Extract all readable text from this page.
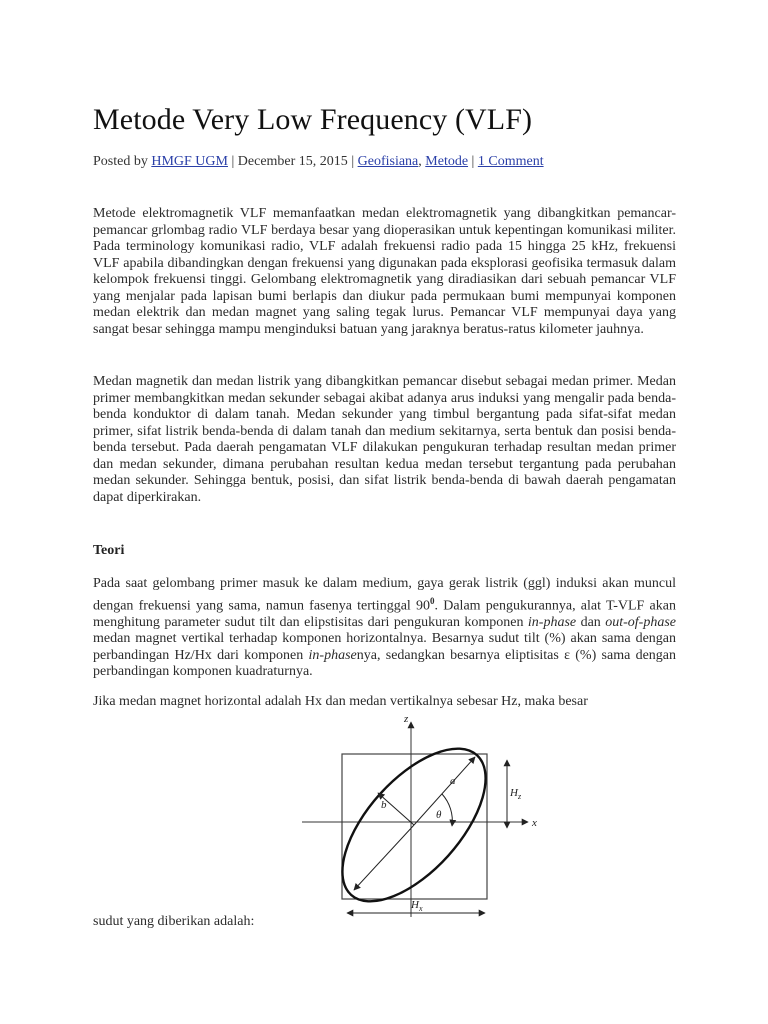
Metode Very Low Frequency (VLF)

Posted by HMGF UGM | December 15, 2015 | Geofisiana, Metode | 1 Comment

Metode elektromagnetik VLF memanfaatkan medan elektromagnetik yang dibangkitkan pemancar-pemancar grlombag radio VLF berdaya besar yang dioperasikan untuk kepentingan komunikasi militer. Pada terminology komunikasi radio, VLF adalah frekuensi radio pada 15 hingga 25 kHz, frekuensi VLF apabila dibandingkan dengan frekuensi yang digunakan pada eksplorasi geofisika termasuk dalam kelompok frekuensi tinggi. Gelombang elektromagnetik yang diradiasikan dari sebuah pemancar VLF yang menjalar pada lapisan bumi berlapis dan diukur pada permukaan bumi mempunyai komponen medan elektrik dan medan magnet yang saling tegak lurus. Pemancar VLF mempunyai daya yang sangat besar sehingga mampu menginduksi batuan yang jaraknya beratus-ratus kilometer jauhnya.

Medan magnetik dan medan listrik yang dibangkitkan pemancar disebut sebagai medan primer. Medan primer membangkitkan medan sekunder sebagai akibat adanya arus induksi yang mengalir pada benda-benda konduktor di dalam tanah. Medan sekunder yang timbul bergantung pada sifat-sifat medan primer, sifat listrik benda-benda di dalam tanah dan medium sekitarnya, serta bentuk dan posisi benda-benda tersebut. Pada daerah pengamatan VLF dilakukan pengukuran terhadap resultan medan primer dan medan sekunder, dimana perubahan resultan kedua medan tersebut tergantung pada perubahan medan sekunder. Sehingga bentuk, posisi, dan sifat listrik benda-benda di bawah daerah pengamatan dapat diperkirakan.

Teori

Pada saat gelombang primer masuk ke dalam medium, gaya gerak listrik (ggl) induksi akan muncul dengan frekuensi yang sama, namun fasenya tertinggal $90^0$. Dalam pengukurannya, alat T-VLF akan menghitung parameter sudut tilt dan elipstisitas dari pengukuran komponen in-phase dan out-of-phase medan magnet vertikal terhadap komponen horizontalnya. Besarnya sudut tilt (%) akan sama dengan perbandingan Hz/Hx dari komponen in-phasenya, sedangkan besarnya eliptisitas ε (%) sama dengan perbandingan komponen kuadraturnya.

Jika medan magnet horizontal adalah Hx dan medan vertikalnya sebesar Hz, maka besar

sudut yang diberikan adalah:

z
x
a
b
θ
$H_z$
$H_x$
